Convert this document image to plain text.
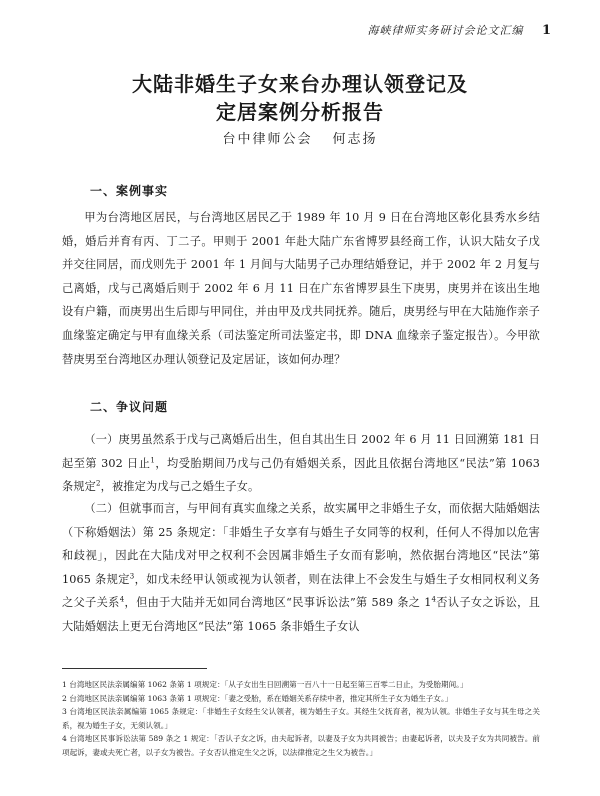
海峡律师实务研讨会论文汇编 1
大陆非婚生子女来台办理认领登记及
定居案例分析报告
台中律师公会 何志扬
一、案例事实
甲为台湾地区居民，与台湾地区居民乙于 1989 年 10 月 9 日在台湾地区彰化县秀水乡结婚，婚后并育有丙、丁二子。甲则于 2001 年赴大陆广东省博罗县经商工作，认识大陆女子戊并交往同居，而戊则先于 2001 年 1 月间与大陆男子己办理结婚登记，并于 2002 年 2 月复与己离婚，戊与己离婚后则于 2002 年 6 月 11 日在广东省博罗县生下庚男，庚男并在该出生地设有户籍，而庚男出生后即与甲同住，并由甲及戊共同抚养。随后，庚男经与甲在大陆施作亲子血缘鉴定确定与甲有血缘关系（司法鉴定所司法鉴定书，即 DNA 血缘亲子鉴定报告）。今甲欲替庚男至台湾地区办理认领登记及定居证，该如何办理？
二、争议问题
（一）庚男虽然系于戊与己离婚后出生，但自其出生日 2002 年 6 月 11 日回溯第 181 日起至第 302 日止$^1$，均受胎期间乃戊与己仍有婚姻关系，因此且依据台湾地区“民法”第 1063 条规定$^2$，被推定为戊与己之婚生子女。
（二）但就事而言，与甲间有真实血缘之关系，故实属甲之非婚生子女，而依据大陆婚姻法（下称婚姻法）第 25 条规定：「非婚生子女享有与婚生子女同等的权利，任何人不得加以危害和歧视」，因此在大陆戊对甲之权利不会因属非婚生子女而有影响，然依据台湾地区“民法”第 1065 条规定$^3$，如戊未经甲认领或视为认领者，则在法律上不会发生与婚生子女相同权利义务之父子关系$^4$，但由于大陆并无如同台湾地区“民事诉讼法”第 589 条之 $1^4$否认子女之诉讼，且大陆婚姻法上更无台湾地区“民法”第 1065 条非婚生子女认
1 台湾地区民法亲属编第 1062 条第 1 项规定：「从子女出生日回溯第一百八十一日起至第三百零二日止，为受胎期间。」
2 台湾地区民法亲属编第 1063 条第 1 项规定：「妻之受胎，系在婚姻关系存续中者，推定其所生子女为婚生子女。」
3 台湾地区民法亲属编第 1065 条规定：「非婚生子女经生父认领者，视为婚生子女。其经生父抚育者，视为认领。非婚生子女与其生母之关系，视为婚生子女，无须认领。」
4 台湾地区民事诉讼法第 589 条之 1 规定：「否认子女之诉，由夫起诉者，以妻及子女为共同被告；由妻起诉者，以夫及子女为共同被告。前项起诉，妻或夫死亡者，以子女为被告。子女否认推定生父之诉，以法律推定之生父为被告。」
